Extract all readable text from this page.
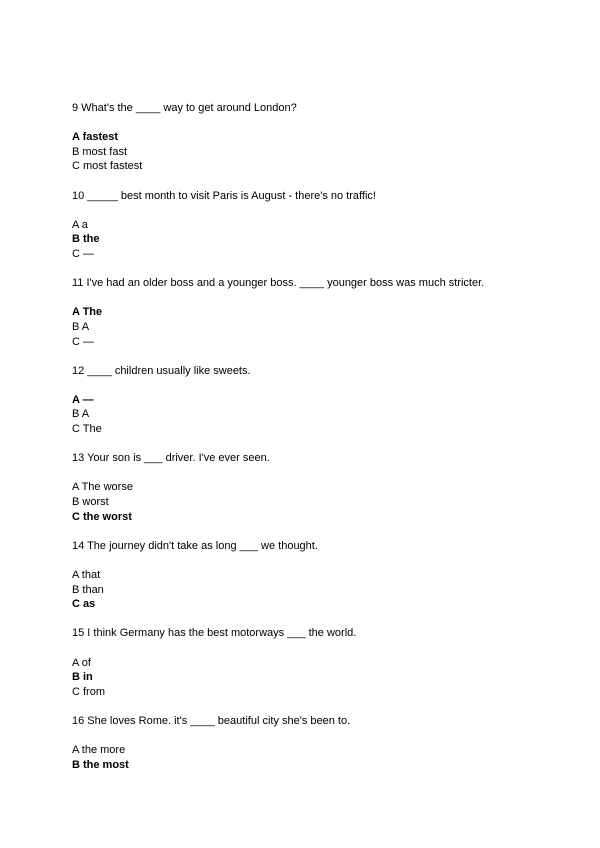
9 What's the ____ way to get around London?

A fastest

B most fast

C most fastest

10 _____ best month to visit Paris is August - there's no traffic!

A a

B the

C —

11 I've had an older boss and a younger boss. ____ younger boss was much stricter.

A The

B A

C —

12 ____ children usually like sweets.

A —

B A

C The

13 Your son is ___ driver. I've ever seen.

A The worse

B worst

C the worst

14 The journey didn't take as long ___ we thought.

A that

B than

C as

15 I think Germany has the best motorways ___ the world.

A of

B in

C from

16 She loves Rome. it's ____ beautiful city she's been to.

A the more

B the most
